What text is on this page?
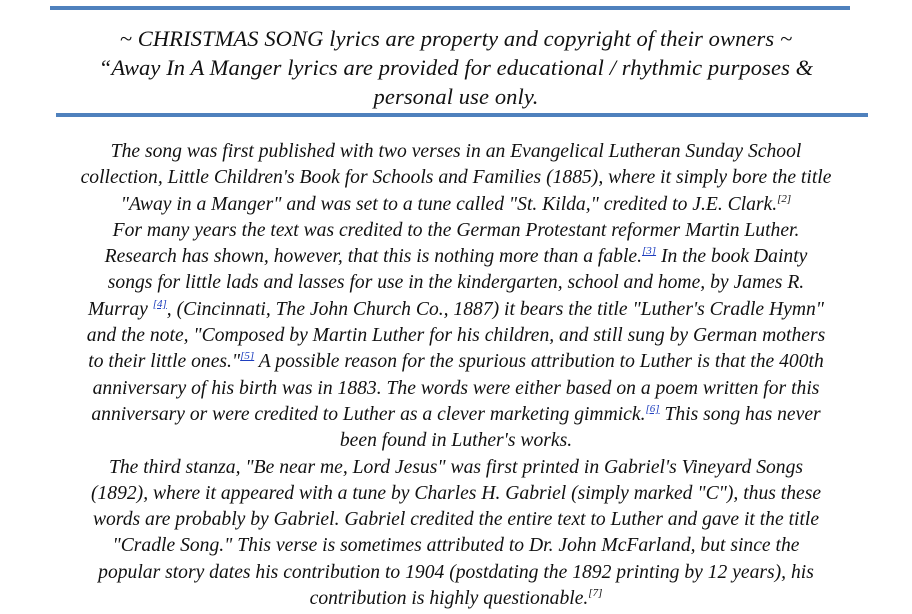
~ CHRISTMAS SONG lyrics are property and copyright of their owners ~
“Away In A Manger lyrics are provided for educational / rhythmic purposes &
personal use only.
The song was first published with two verses in an Evangelical Lutheran Sunday School
collection, Little Children's Book for Schools and Families (1885), where it simply bore the title
"Away in a Manger" and was set to a tune called "St. Kilda," credited to J.E. Clark.[2]
For many years the text was credited to the German Protestant reformer Martin Luther.
Research has shown, however, that this is nothing more than a fable.[3] In the book Dainty
songs for little lads and lasses for use in the kindergarten, school and home, by James R.
Murray [4], (Cincinnati, The John Church Co., 1887) it bears the title "Luther's Cradle Hymn"
and the note, "Composed by Martin Luther for his children, and still sung by German mothers
to their little ones."[5] A possible reason for the spurious attribution to Luther is that the 400th
anniversary of his birth was in 1883. The words were either based on a poem written for this
anniversary or were credited to Luther as a clever marketing gimmick.[6] This song has never
been found in Luther's works.
The third stanza, "Be near me, Lord Jesus" was first printed in Gabriel's Vineyard Songs
(1892), where it appeared with a tune by Charles H. Gabriel (simply marked "C"), thus these
words are probably by Gabriel. Gabriel credited the entire text to Luther and gave it the title
"Cradle Song." This verse is sometimes attributed to Dr. John McFarland, but since the
popular story dates his contribution to 1904 (postdating the 1892 printing by 12 years), his
contribution is highly questionable.[7]
